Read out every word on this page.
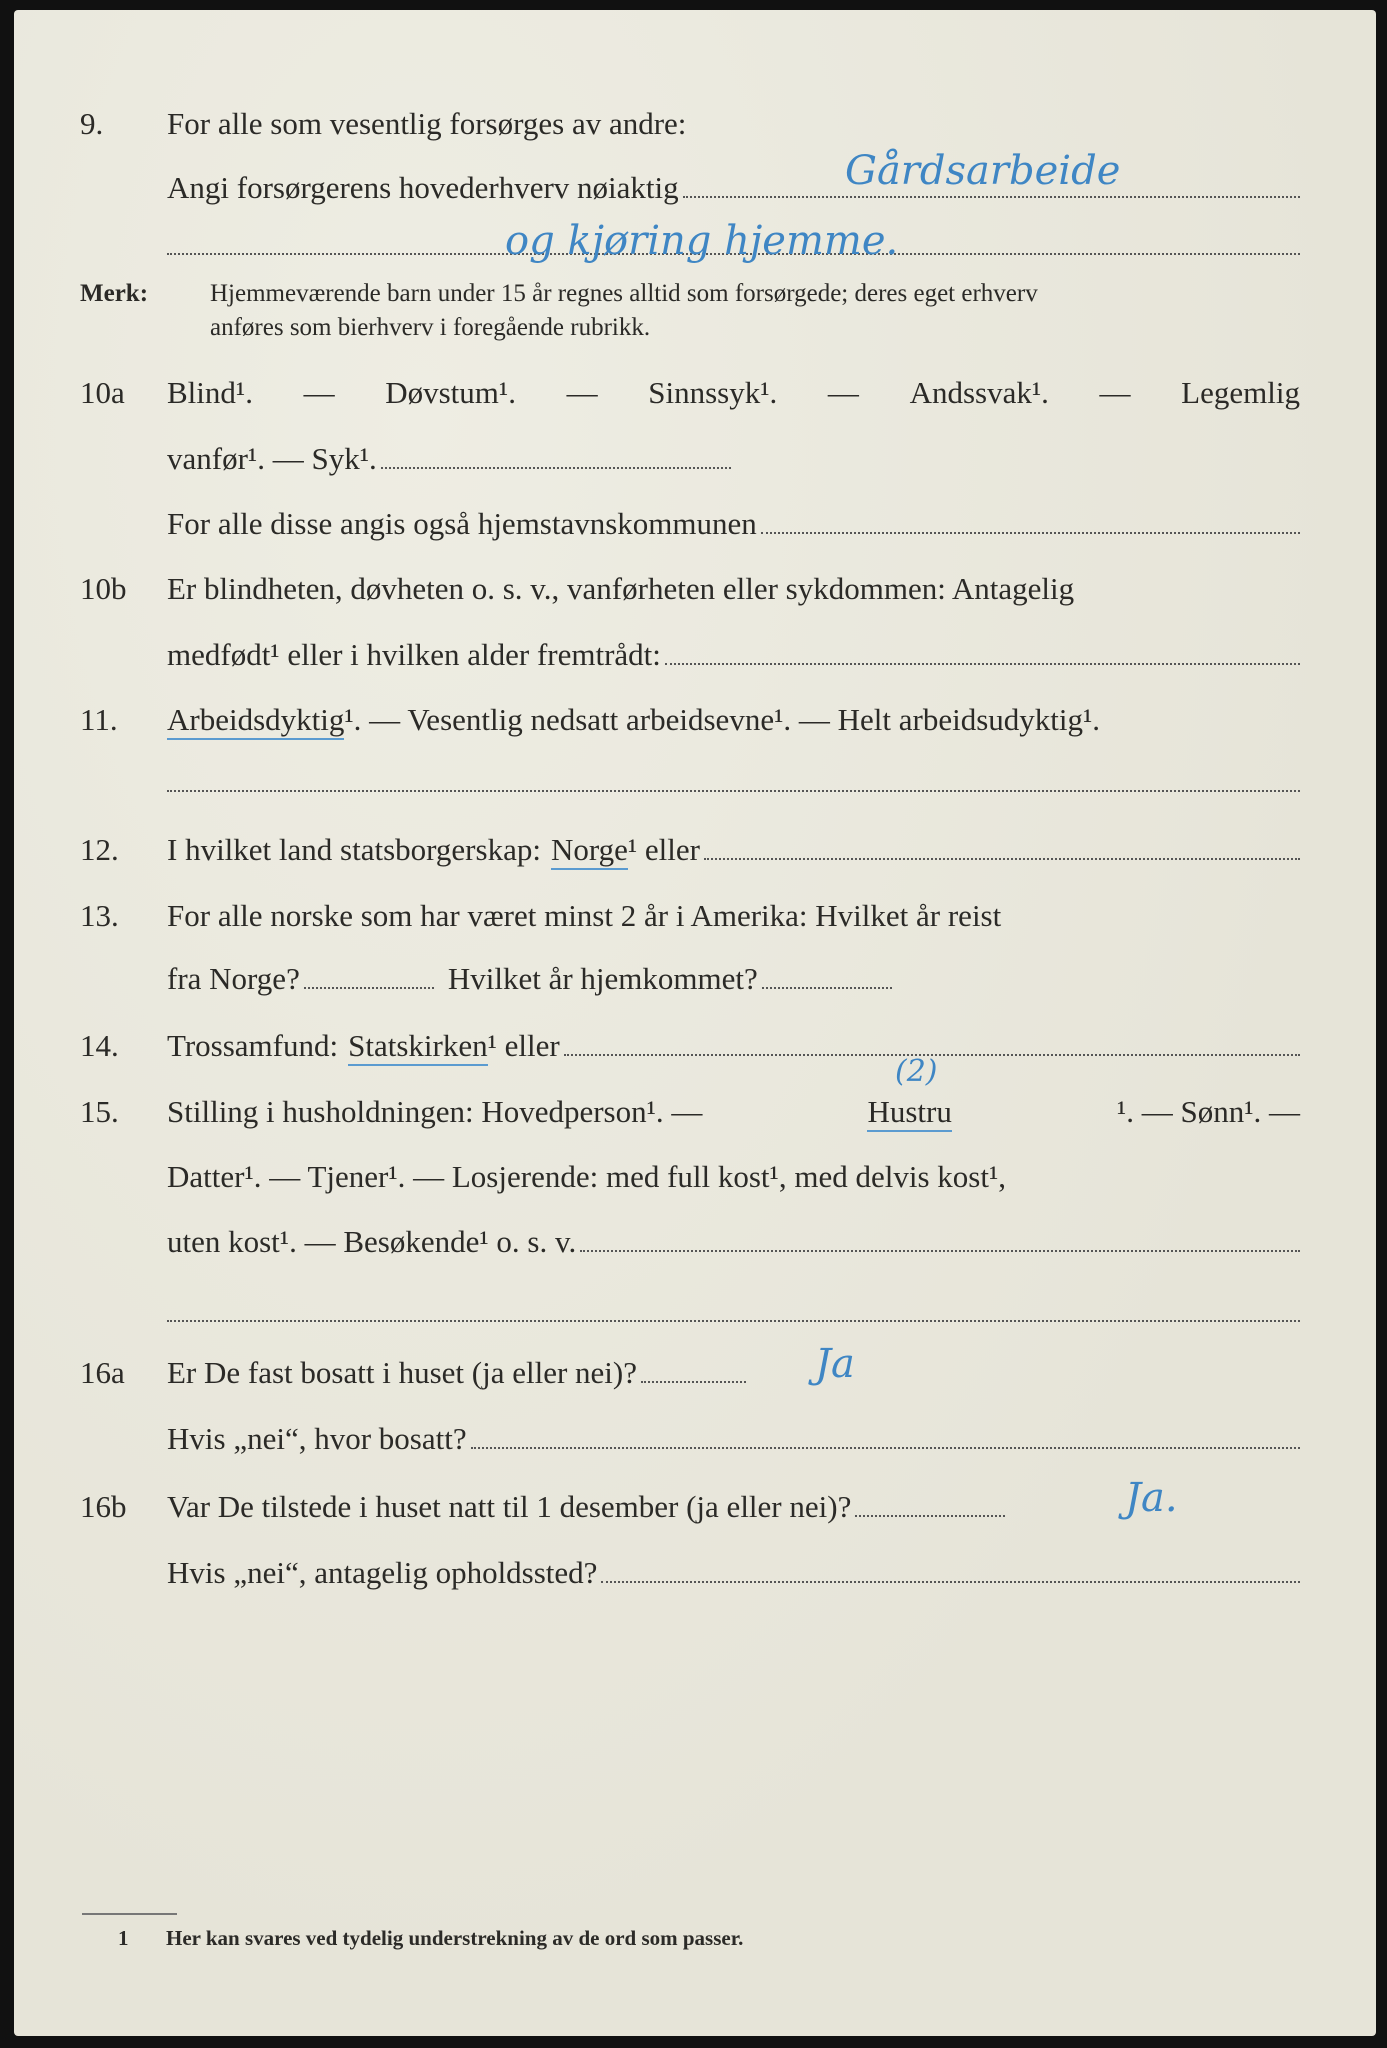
9. For alle som vesentlig forsørges av andre:
Angi forsørgerens hovederhverv nøiaktig	Gårdsarbeide
og kjøring hjemme.
Merk: Hjemmeværende barn under 15 år regnes alltid som forsørgede; deres eget erhverv
anføres som bierhverv i foregående rubrikk.
10a Blind¹. — Døvstum¹. — Sinnssyk¹. — Andssvak¹. — Legemlig
vanfør¹. — Syk¹.
For alle disse angis også hjemstavnskommunen
10b Er blindheten, døvheten o. s. v., vanførheten eller sykdommen: Antagelig
medfødt¹ eller i hvilken alder fremtrådt:
11. Arbeidsdyktig ¹. — Vesentlig nedsatt arbeidsevne¹. — Helt arbeidsudyktig¹.
12. I hvilket land statsborgerskap: Norge ¹ eller
13. For alle norske som har været minst 2 år i Amerika: Hvilket år reist
fra Norge?	Hvilket år hjemkommet?
14. Trossamfund: Statskirken ¹ eller
15. Stilling i husholdningen: Hovedperson¹. —	Hustru	¹. — Sønn¹. —
(2)
Datter¹. — Tjener¹. — Losjerende: med full kost¹, med delvis kost¹,
uten kost¹. — Besøkende¹ o. s. v.
16a Er De fast bosatt i huset (ja eller nei)?	Ja
Hvis „nei“, hvor bosatt?
16b Var De tilstede i huset natt til 1 desember (ja eller nei)?	Ja.
Hvis „nei“, antagelig opholdssted?
1 Her kan svares ved tydelig understrekning av de ord som passer.
